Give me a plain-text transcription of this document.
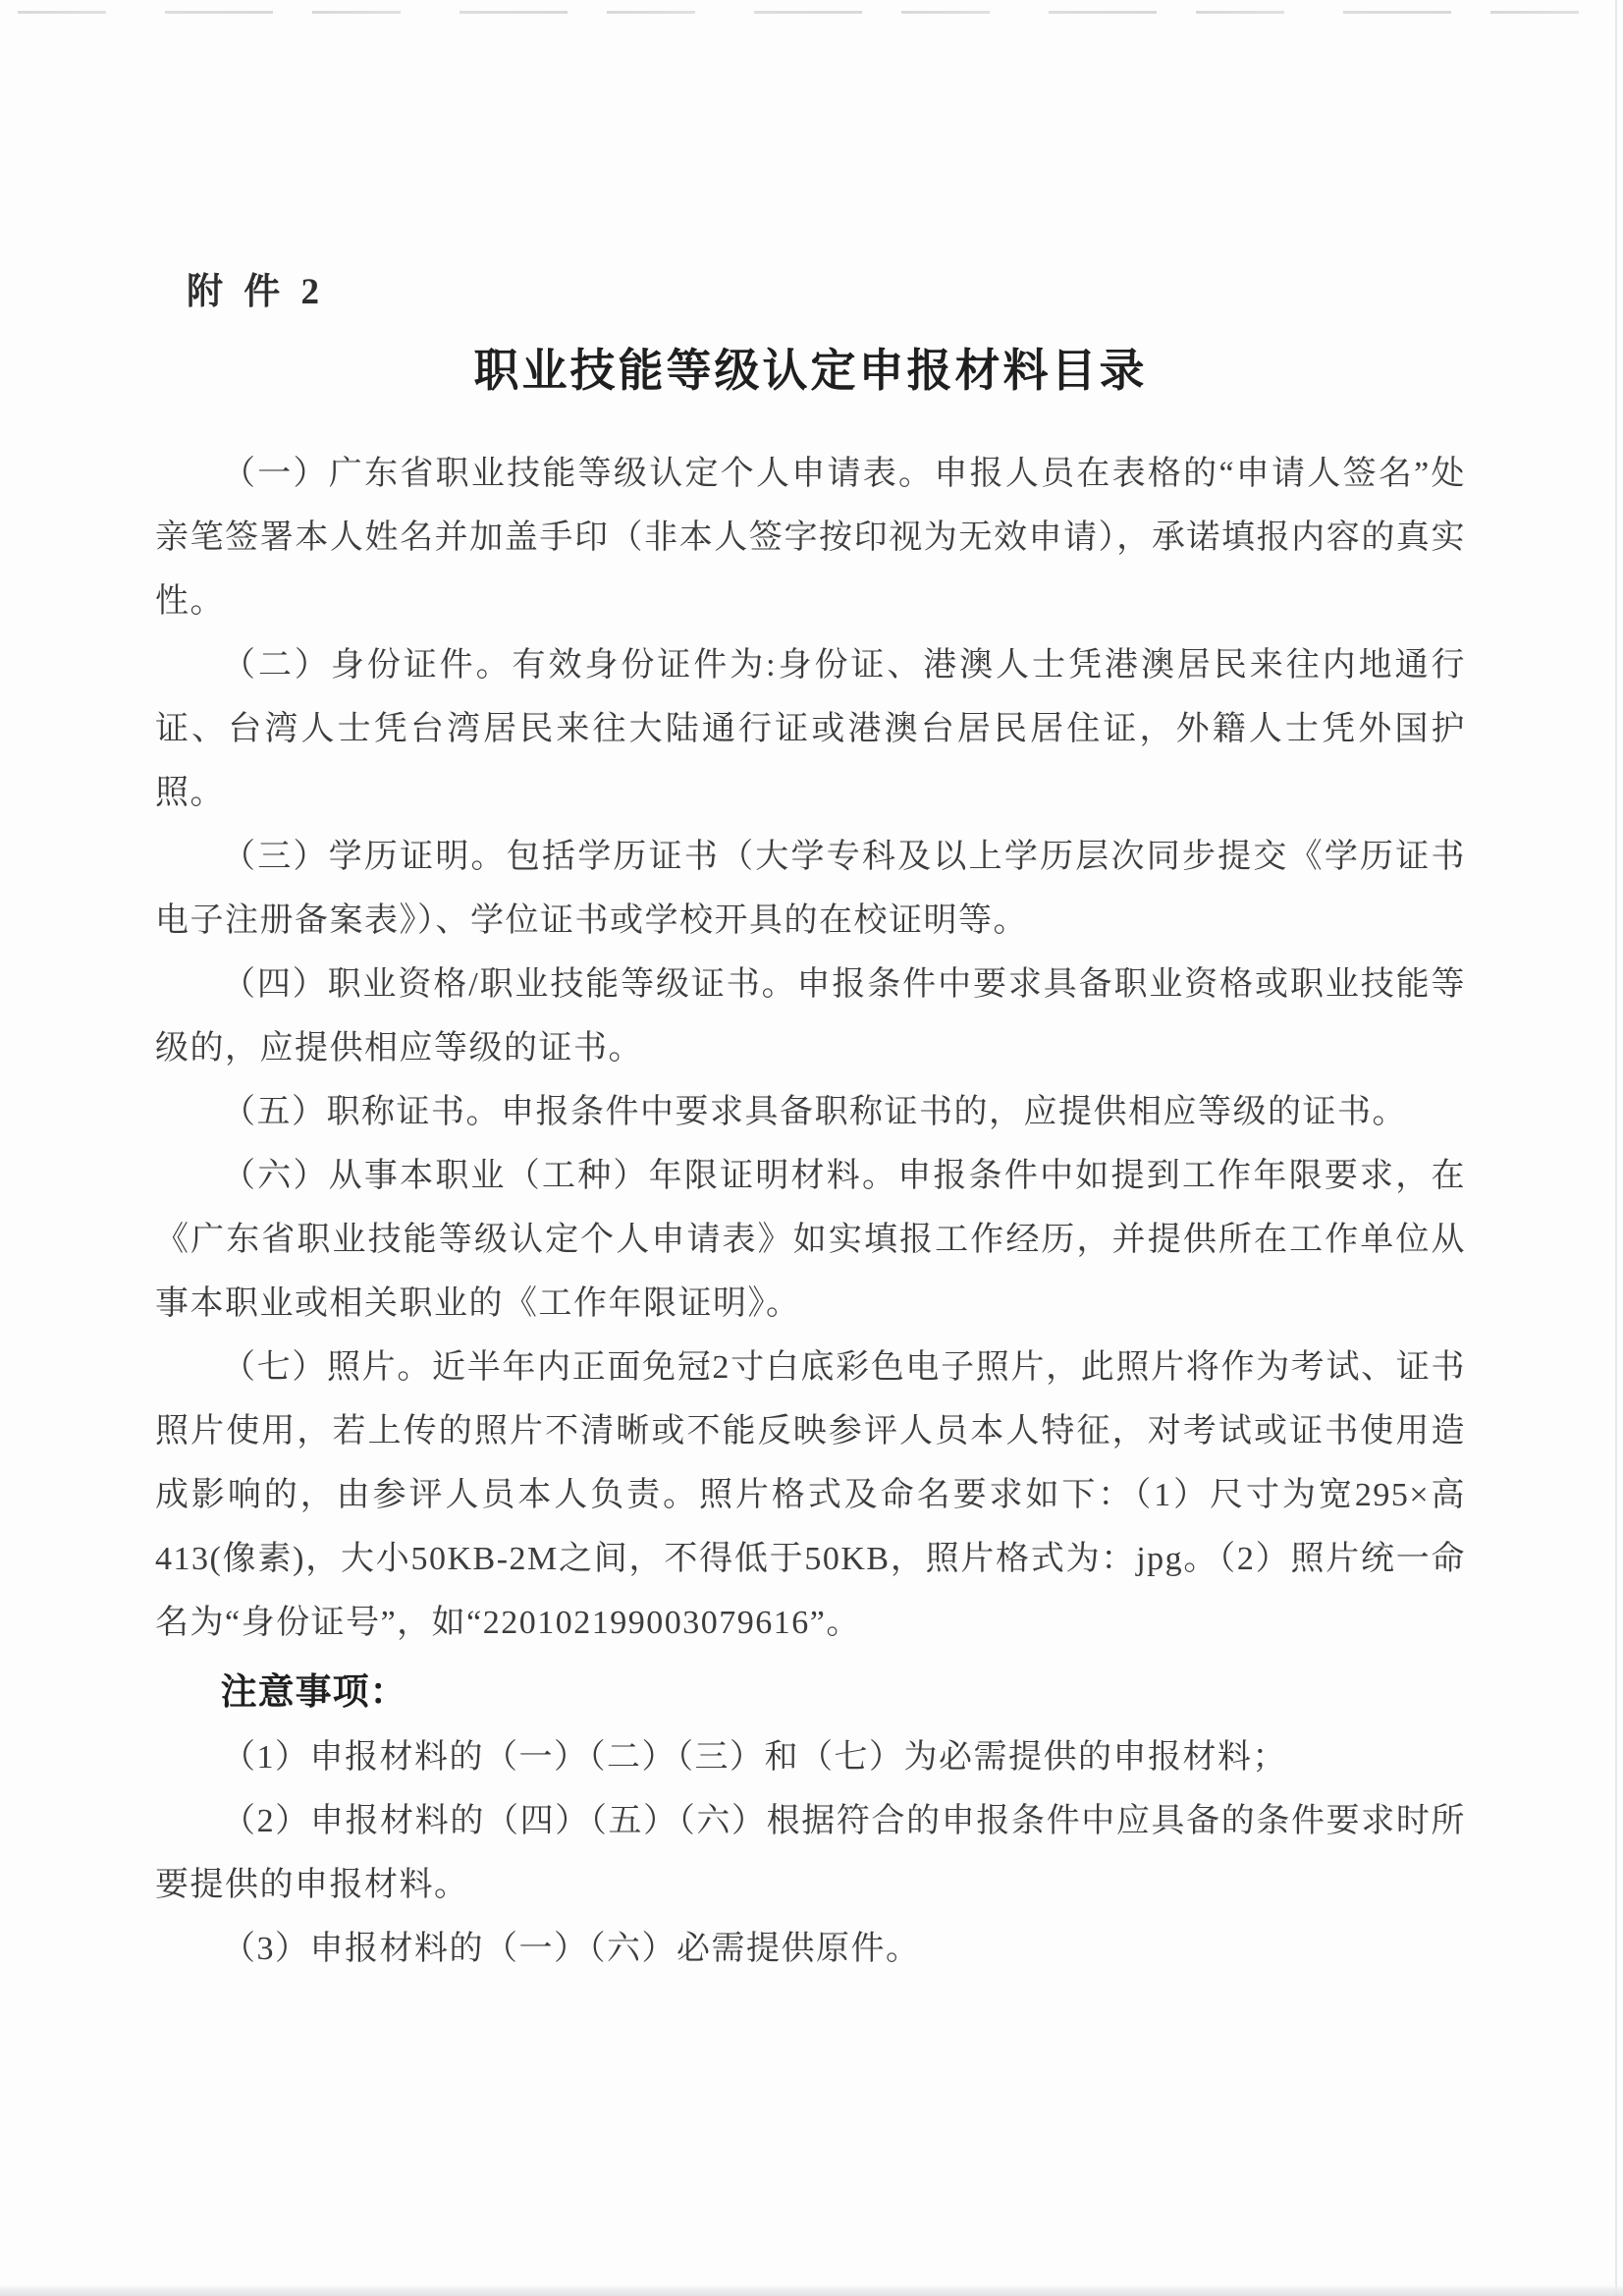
附 件 2
职业技能等级认定申报材料目录

（一）广东省职业技能等级认定个人申请表。申报人员在表格的“申请人签名”处亲笔签署本人姓名并加盖手印（非本人签字按印视为无效申请），承诺填报内容的真实性。

（二）身份证件。有效身份证件为:身份证、港澳人士凭港澳居民来往内地通行证、台湾人士凭台湾居民来往大陆通行证或港澳台居民居住证，外籍人士凭外国护照。

（三）学历证明。包括学历证书（大学专科及以上学历层次同步提交《学历证书电子注册备案表》）、学位证书或学校开具的在校证明等。

（四）职业资格/职业技能等级证书。申报条件中要求具备职业资格或职业技能等级的，应提供相应等级的证书。

（五）职称证书。申报条件中要求具备职称证书的，应提供相应等级的证书。

（六）从事本职业（工种）年限证明材料。申报条件中如提到工作年限要求，在《广东省职业技能等级认定个人申请表》如实填报工作经历，并提供所在工作单位从事本职业或相关职业的《工作年限证明》。

（七）照片。近半年内正面免冠2寸白底彩色电子照片，此照片将作为考试、证书照片使用，若上传的照片不清晰或不能反映参评人员本人特征，对考试或证书使用造成影响的，由参评人员本人负责。照片格式及命名要求如下：（1）尺寸为宽295×高413(像素)，大小50KB-2M之间，不得低于50KB，照片格式为：jpg。（2）照片统一命名为“身份证号”，如“220102199003079616”。

注意事项：

（1）申报材料的（一）（二）（三）和（七）为必需提供的申报材料；

（2）申报材料的（四）（五）（六）根据符合的申报条件中应具备的条件要求时所要提供的申报材料。

（3）申报材料的（一）（六）必需提供原件。
